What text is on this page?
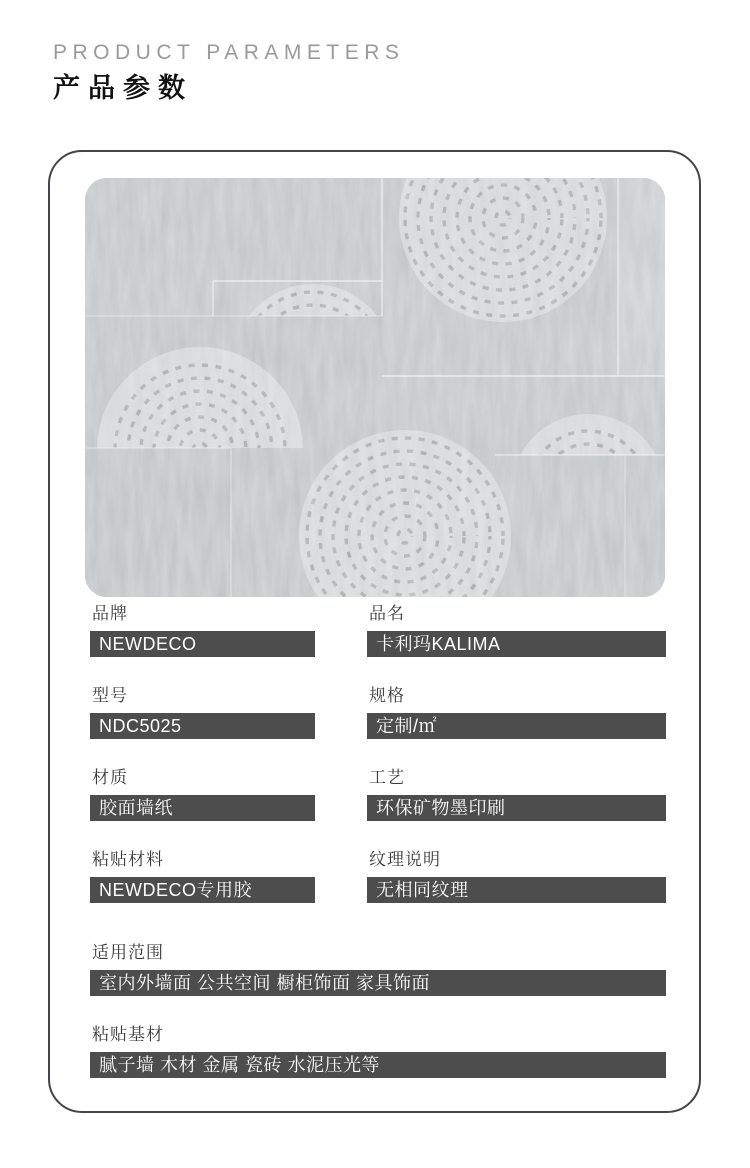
PRODUCT PARAMETERS
产品参数
品牌
NEWDECO
品名
卡利玛KALIMA
型号
NDC5025
规格
定制/㎡
材质
胶面墙纸
工艺
环保矿物墨印刷
粘贴材料
NEWDECO专用胶
纹理说明
无相同纹理
适用范围
室内外墙面 公共空间 橱柜饰面 家具饰面
粘贴基材
腻子墙 木材 金属 瓷砖 水泥压光等
